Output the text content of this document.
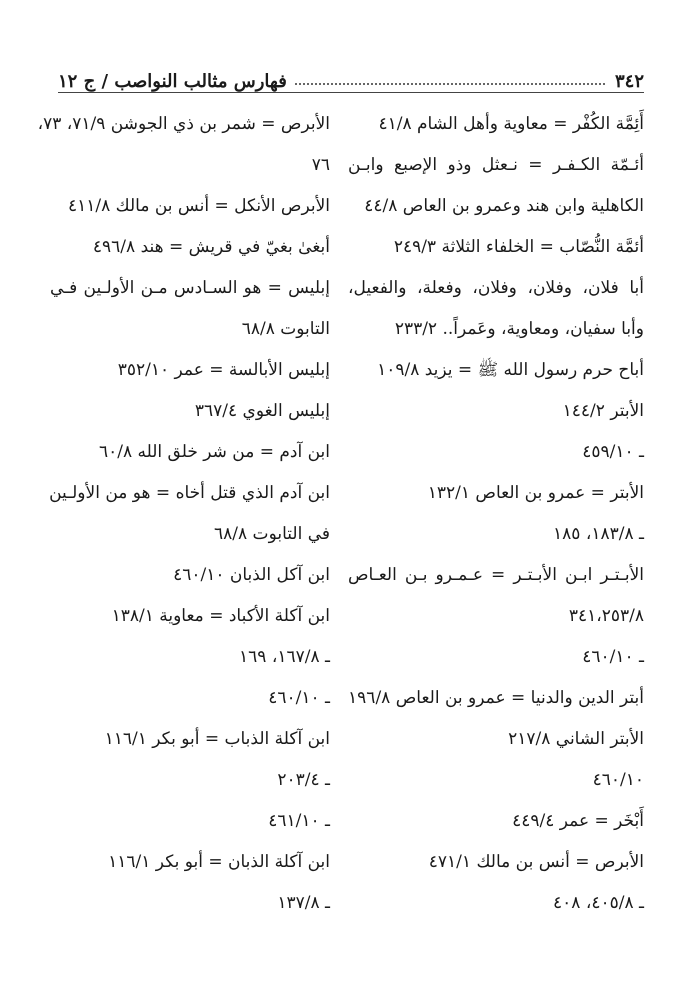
٣٤٢
فهارس مثالب النواصب / ج ١٢
أَئِمَّة الكُفْر = معاوية وأهل الشام ٤١/٨
أئـمّة الكـفـر = نـعثل وذو الإصبع وابـن
الكاهلية وابن هند وعمرو بن العاص ٤٤/٨
أئمَّة النُّصّاب = الخلفاء الثلاثة ٢٤٩/٣
أبا فلان، وفلان، وفلان، وفعلة، والفعيل،
وأبا سفيان، ومعاوية، وعَمراً.. ٢٣٣/٢
أباح حرم رسول الله ﷺ = يزيد ١٠٩/٨
الأبتر ١٤٤/٢
ـ ٤٥٩/١٠
الأبتر = عمرو بن العاص ١٣٢/١
ـ ١٨٣/٨، ١٨٥
الأبـتـر ابـن الأبـتـر = عـمـرو بـن العـاص
٣٤١،٢٥٣/٨
ـ ٤٦٠/١٠
أبتر الدين والدنيا = عمرو بن العاص ١٩٦/٨
الأبتر الشاني ٢١٧/٨
٤٦٠/١٠
أَبْخَر = عمر ٤٤٩/٤
الأبرص = أنس بن مالك ٤٧١/١
ـ ٤٠٥/٨، ٤٠٨
الأبرص = شمر بن ذي الجوشن ٧١/٩، ٧٣،
٧٦
الأبرص الأنكل = أنس بن مالك ٤١١/٨
أبغىٰ بغيّ في قريش = هند ٤٩٦/٨
إبليس = هو السـادس مـن الأولـين فـي
التابوت ٦٨/٨
إبليس الأبالسة = عمر ٣٥٢/١٠
إبليس الغوي ٣٦٧/٤
ابن آدم = من شر خلق الله ٦٠/٨
ابن آدم الذي قتل أخاه = هو من الأولـين
في التابوت ٦٨/٨
ابن آكل الذبان ٤٦٠/١٠
ابن آكلة الأكباد = معاوية ١٣٨/١
ـ ١٦٧/٨، ١٦٩
ـ ٤٦٠/١٠
ابن آكلة الذباب = أبو بكر ١١٦/١
ـ ٢٠٣/٤
ـ ٤٦١/١٠
ابن آكلة الذبان = أبو بكر ١١٦/١
ـ ١٣٧/٨
